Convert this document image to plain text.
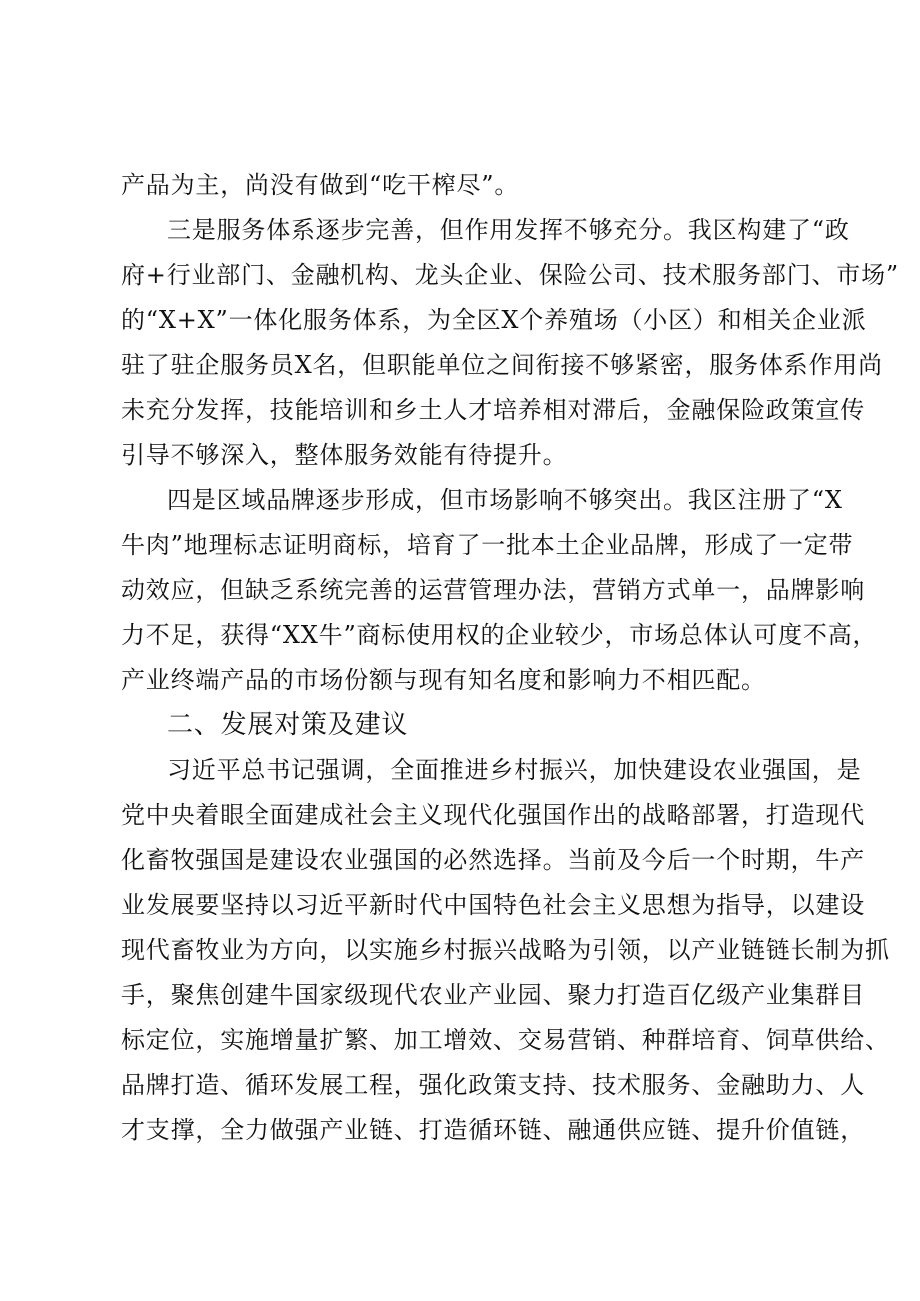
产品为主，尚没有做到“吃干榨尽”。
三是服务体系逐步完善，但作用发挥不够充分。我区构建了“政
府+行业部门、金融机构、龙头企业、保险公司、技术服务部门、市场”
的“X+X”一体化服务体系，为全区X个养殖场（小区）和相关企业派
驻了驻企服务员X名，但职能单位之间衔接不够紧密，服务体系作用尚
未充分发挥，技能培训和乡土人才培养相对滞后，金融保险政策宣传
引导不够深入，整体服务效能有待提升。
四是区域品牌逐步形成，但市场影响不够突出。我区注册了“X
牛肉”地理标志证明商标，培育了一批本土企业品牌，形成了一定带
动效应，但缺乏系统完善的运营管理办法，营销方式单一，品牌影响
力不足，获得“XX牛”商标使用权的企业较少，市场总体认可度不高，
产业终端产品的市场份额与现有知名度和影响力不相匹配。
二、发展对策及建议
习近平总书记强调，全面推进乡村振兴，加快建设农业强国，是
党中央着眼全面建成社会主义现代化强国作出的战略部署，打造现代
化畜牧强国是建设农业强国的必然选择。当前及今后一个时期，牛产
业发展要坚持以习近平新时代中国特色社会主义思想为指导，以建设
现代畜牧业为方向，以实施乡村振兴战略为引领，以产业链链长制为抓
手，聚焦创建牛国家级现代农业产业园、聚力打造百亿级产业集群目
标定位，实施增量扩繁、加工增效、交易营销、种群培育、饲草供给、
品牌打造、循环发展工程，强化政策支持、技术服务、金融助力、人
才支撑，全力做强产业链、打造循环链、融通供应链、提升价值链，
